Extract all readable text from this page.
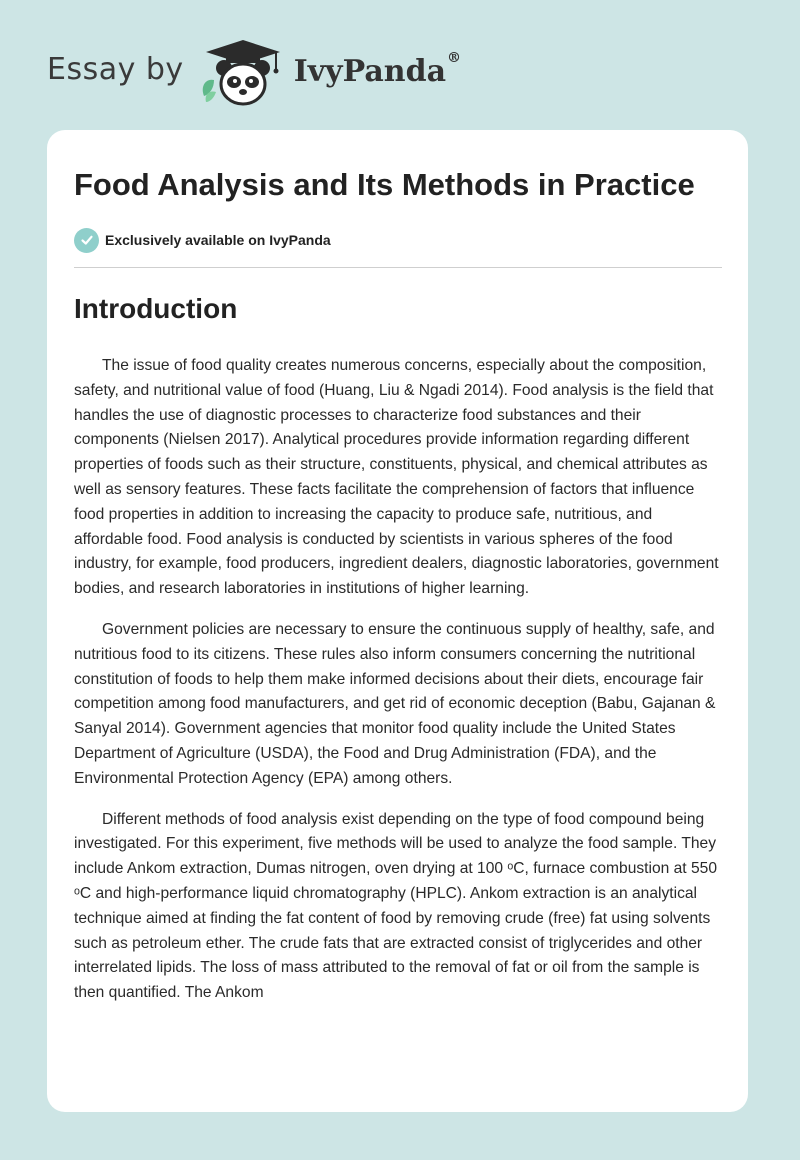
Essay by	IvyPanda®
Food Analysis and Its Methods in Practice
Exclusively available on IvyPanda
Introduction

The issue of food quality creates numerous concerns, especially about the composition, safety, and nutritional value of food (Huang, Liu & Ngadi 2014). Food analysis is the field that handles the use of diagnostic processes to characterize food substances and their components (Nielsen 2017). Analytical procedures provide information regarding different properties of foods such as their structure, constituents, physical, and chemical attributes as well as sensory features. These facts facilitate the comprehension of factors that influence food properties in addition to increasing the capacity to produce safe, nutritious, and affordable food. Food analysis is conducted by scientists in various spheres of the food industry, for example, food producers, ingredient dealers, diagnostic laboratories, government bodies, and research laboratories in institutions of higher learning.

Government policies are necessary to ensure the continuous supply of healthy, safe, and nutritious food to its citizens. These rules also inform consumers concerning the nutritional constitution of foods to help them make informed decisions about their diets, encourage fair competition among food manufacturers, and get rid of economic deception (Babu, Gajanan & Sanyal 2014). Government agencies that monitor food quality include the United States Department of Agriculture (USDA), the Food and Drug Administration (FDA), and the Environmental Protection Agency (EPA) among others.

Different methods of food analysis exist depending on the type of food compound being investigated. For this experiment, five methods will be used to analyze the food sample. They include Ankom extraction, Dumas nitrogen, oven drying at 100 ᵒC, furnace combustion at 550 ᵒC and high-performance liquid chromatography (HPLC). Ankom extraction is an analytical technique aimed at finding the fat content of food by removing crude (free) fat using solvents such as petroleum ether. The crude fats that are extracted consist of triglycerides and other interrelated lipids. The loss of mass attributed to the removal of fat or oil from the sample is then quantified. The Ankom
